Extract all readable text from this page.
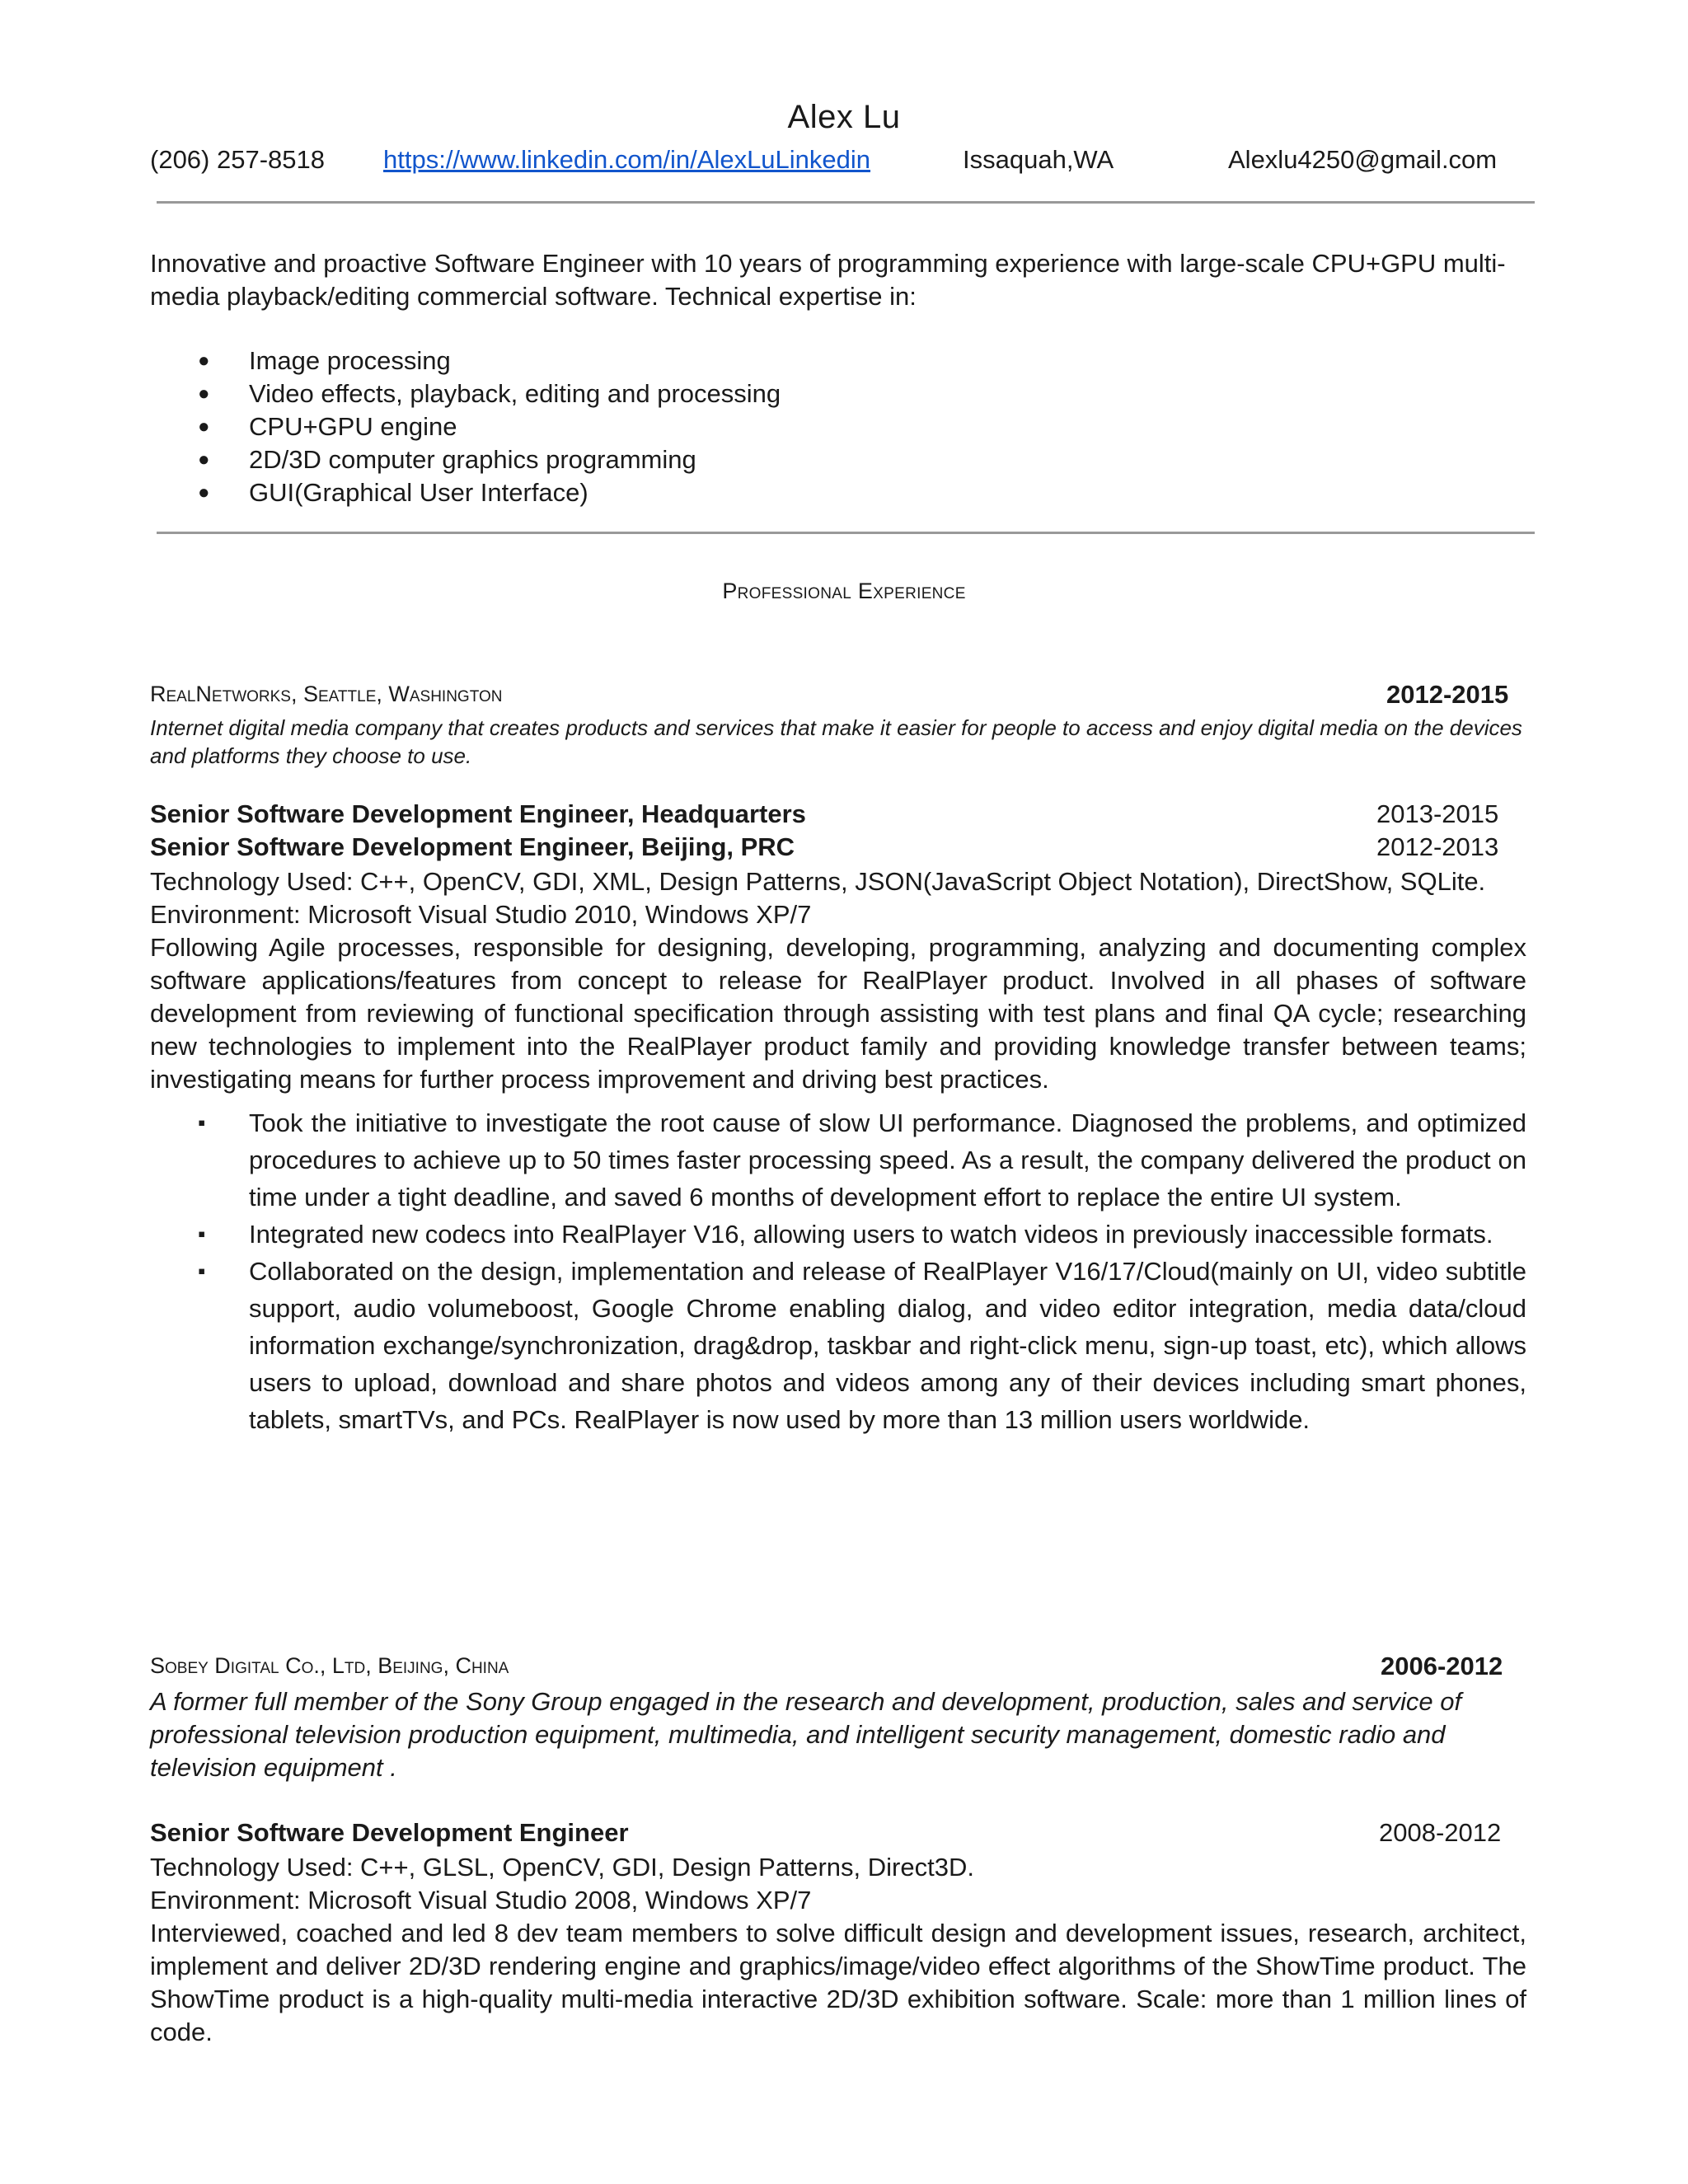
Alex Lu
(206) 257-8518 https://www.linkedin.com/in/AlexLuLinkedin	Issaquah,WA	Alexlu4250@gmail.com
Innovative and proactive Software Engineer with 10 years of programming experience with large-scale CPU+GPU multi-media playback/editing commercial software. Technical expertise in:
● Image processing
● Video effects, playback, editing and processing
● CPU+GPU engine
● 2D/3D computer graphics programming
● GUI(Graphical User Interface)
Professional Experience
RealNetworks, Seattle, Washington	2012-2015
Internet digital media company that creates products and services that make it easier for people to access and enjoy digital media on the devices and platforms they choose to use.
Senior Software Development Engineer, Headquarters	2013-2015
Senior Software Development Engineer, Beijing, PRC	2012-2013
Technology Used: C++, OpenCV, GDI, XML, Design Patterns, JSON(JavaScript Object Notation), DirectShow, SQLite.
Environment: Microsoft Visual Studio 2010, Windows XP/7
Following Agile processes, responsible for designing, developing, programming, analyzing and documenting complex software applications/features from concept to release for RealPlayer product. Involved in all phases of software development from reviewing of functional specification through assisting with test plans and final QA cycle; researching new technologies to implement into the RealPlayer product family and providing knowledge transfer between teams; investigating means for further process improvement and driving best practices.
▪ Took the initiative to investigate the root cause of slow UI performance. Diagnosed the problems, and optimized procedures to achieve up to 50 times faster processing speed. As a result, the company delivered the product on time under a tight deadline, and saved 6 months of development effort to replace the entire UI system.
▪ Integrated new codecs into RealPlayer V16, allowing users to watch videos in previously inaccessible formats.
▪ Collaborated on the design, implementation and release of RealPlayer V16/17/Cloud(mainly on UI, video subtitle support, audio volumeboost, Google Chrome enabling dialog, and video editor integration, media data/cloud information exchange/synchronization, drag&drop, taskbar and right-click menu, sign-up toast, etc), which allows users to upload, download and share photos and videos among any of their devices including smart phones, tablets, smartTVs, and PCs. RealPlayer is now used by more than 13 million users worldwide.
Sobey Digital Co., Ltd, Beijing, China	2006-2012
A former full member of the Sony Group engaged in the research and development, production, sales and service of professional television production equipment, multimedia, and intelligent security management, domestic radio and television equipment .
Senior Software Development Engineer	2008-2012
Technology Used: C++, GLSL, OpenCV, GDI, Design Patterns, Direct3D.
Environment: Microsoft Visual Studio 2008, Windows XP/7
Interviewed, coached and led 8 dev team members to solve difficult design and development issues, research, architect, implement and deliver 2D/3D rendering engine and graphics/image/video effect algorithms of the ShowTime product. The ShowTime product is a high-quality multi-media interactive 2D/3D exhibition software. Scale: more than 1 million lines of code.
